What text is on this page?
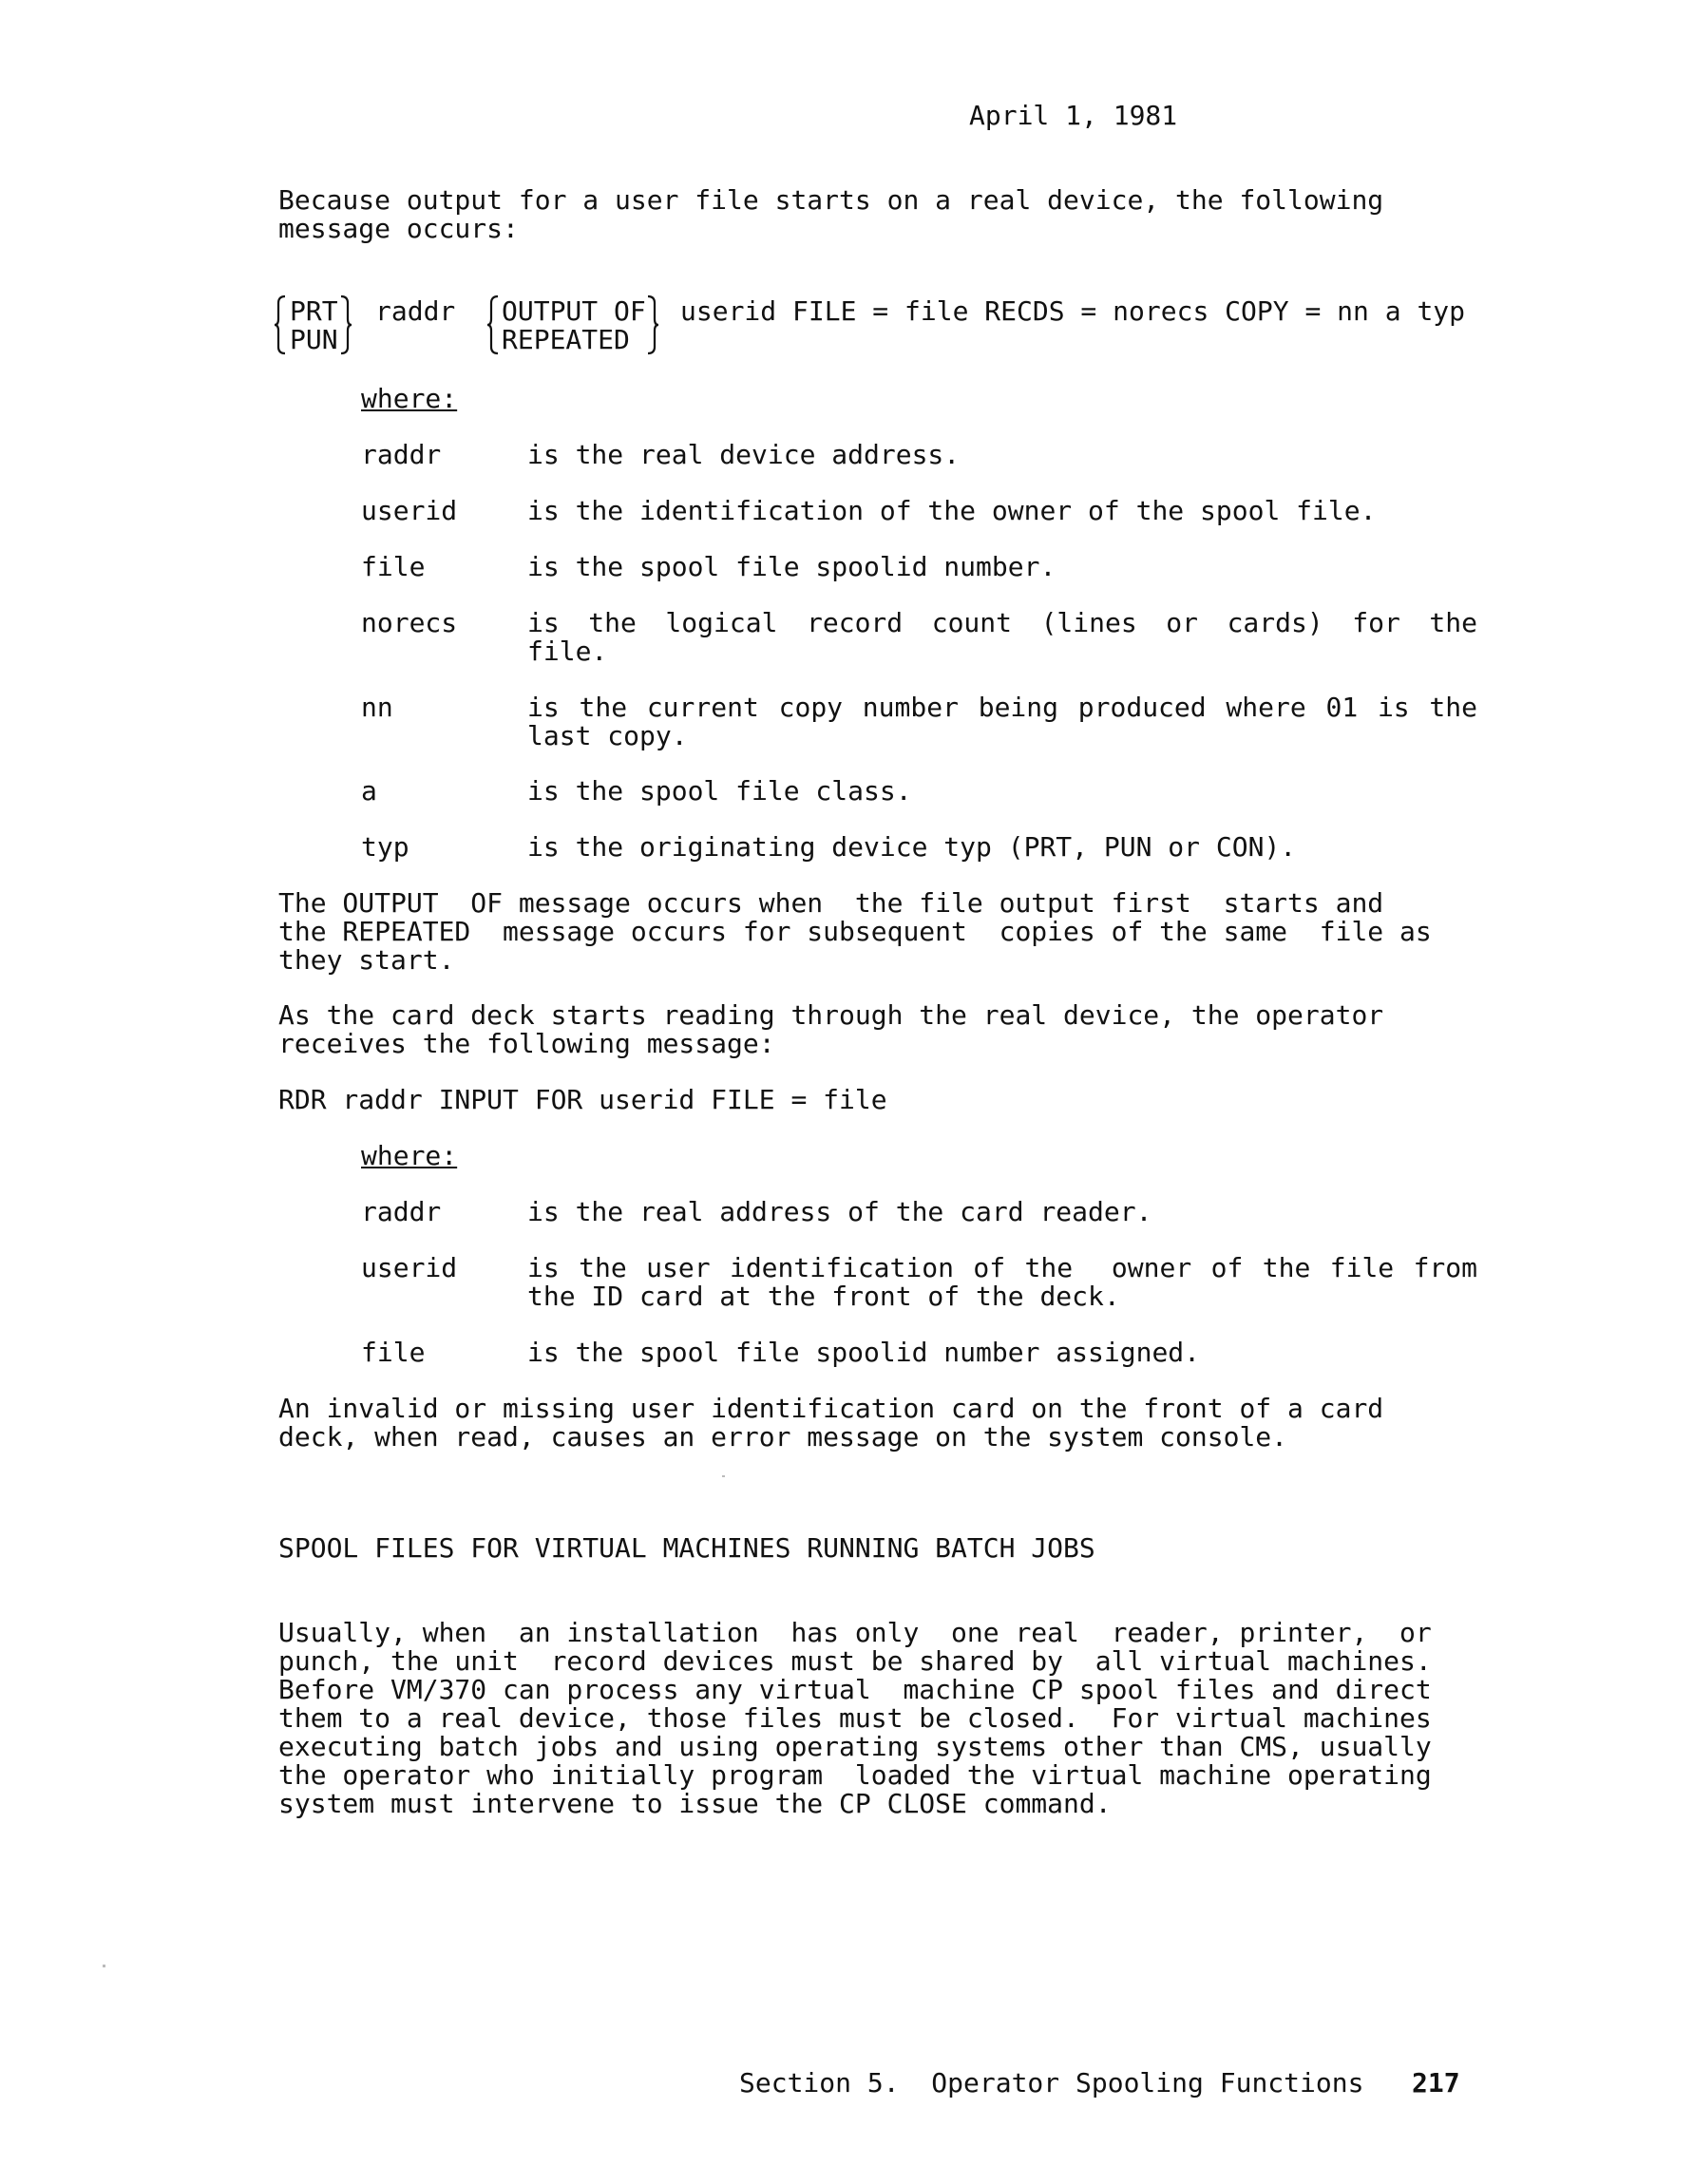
April 1, 1981
Because output for a user file starts on a real device, the following
message occurs:
PRT
PUN
raddr OUTPUT OF
REPEATED
userid FILE = file RECDS = norecs COPY = nn a typ
where:
raddr	is the real device address.
userid	is the identification of the owner of the spool file.
file	is the spool file spoolid number.
norecs	is the logical record count (lines or cards) for the
file.
nn	is the current copy number being produced where 01 is the
last copy.
a	is the spool file class.
typ	is the originating device typ (PRT, PUN or CON).
The OUTPUT  OF message occurs when  the file output first  starts and
the REPEATED  message occurs for subsequent  copies of the same  file as
they start.
As the card deck starts reading through the real device, the operator
receives the following message:
RDR raddr INPUT FOR userid FILE = file
where:
raddr	is the real address of the card reader.
userid	is the user identification of the  owner of the file from
the ID card at the front of the deck.
file	is the spool file spoolid number assigned.
An invalid or missing user identification card on the front of a card
deck, when read, causes an error message on the system console.
SPOOL FILES FOR VIRTUAL MACHINES RUNNING BATCH JOBS
Usually, when  an installation  has only  one real  reader, printer,  or
punch, the unit  record devices must be shared by  all virtual machines.
Before VM/370 can process any virtual  machine CP spool files and direct
them to a real device, those files must be closed.  For virtual machines
executing batch jobs and using operating systems other than CMS, usually
the operator who initially program  loaded the virtual machine operating
system must intervene to issue the CP CLOSE command.
Section 5.  Operator Spooling Functions 217
